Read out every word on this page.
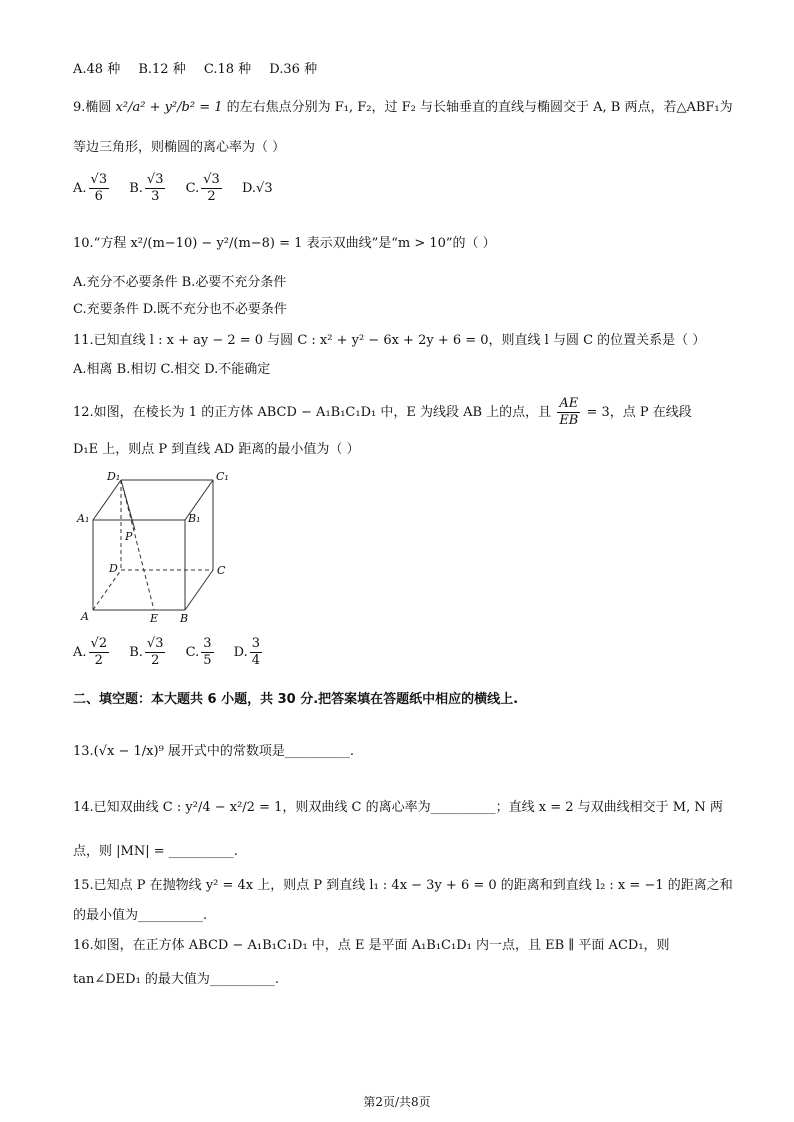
A.48 种 B.12 种 C.18 种 D.36 种
9.椭圆 x²/a² + y²/b² = 1 的左右焦点分别为 F₁, F₂，过 F₂ 与长轴垂直的直线与椭圆交于 A, B 两点，若△ABF₁为
等边三角形，则椭圆的离心率为（ ）
A. $\frac{√3}{6} B$. $\frac{√3}{3} C$. $\frac{√3}{2} D.√3$
10.“方程 x²/(m−10) − y²/(m−8) = 1 表示双曲线”是“m > 10”的（ ）
A.充分不必要条件 B.必要不充分条件
C.充要条件 D.既不充分也不必要条件
11.已知直线 l : x + ay − 2 = 0 与圆 C : x² + y² − 6x + 2y + 6 = 0，则直线 l 与圆 C 的位置关系是（ ）
A.相离 B.相切 C.相交 D.不能确定
12.如图，在棱长为 1 的正方体 ABCD − A₁B₁C₁D₁ 中，E 为线段 AB 上的点，且 $\frac{AE}{EB} = 3$，点 P 在线段
D₁E 上，则点 P 到直线 AD 距离的最小值为（ ）
D₁	C₁
A₁	B₁
P
D	C
A	E B
A. $\frac{√2}{2} B$. $\frac{√3}{2} C$. $\frac{3}{5} D$. $\frac{3}{4}$
二、填空题：本大题共 6 小题，共 30 分.把答案填在答题纸中相应的横线上.
13.(√x − 1/x)⁹ 展开式中的常数项是__________.
14.已知双曲线 C : y²/4 − x²/2 = 1，则双曲线 C 的离心率为__________；直线 x = 2 与双曲线相交于 M, N 两
点，则 |MN| = __________.
15.已知点 P 在抛物线 y² = 4x 上，则点 P 到直线 l₁ : 4x − 3y + 6 = 0 的距离和到直线 l₂ : x = −1 的距离之和
的最小值为__________.
16.如图，在正方体 ABCD − A₁B₁C₁D₁ 中，点 E 是平面 A₁B₁C₁D₁ 内一点，且 EB ∥ 平面 ACD₁，则
tan∠DED₁ 的最大值为__________.
第2页/共8页
